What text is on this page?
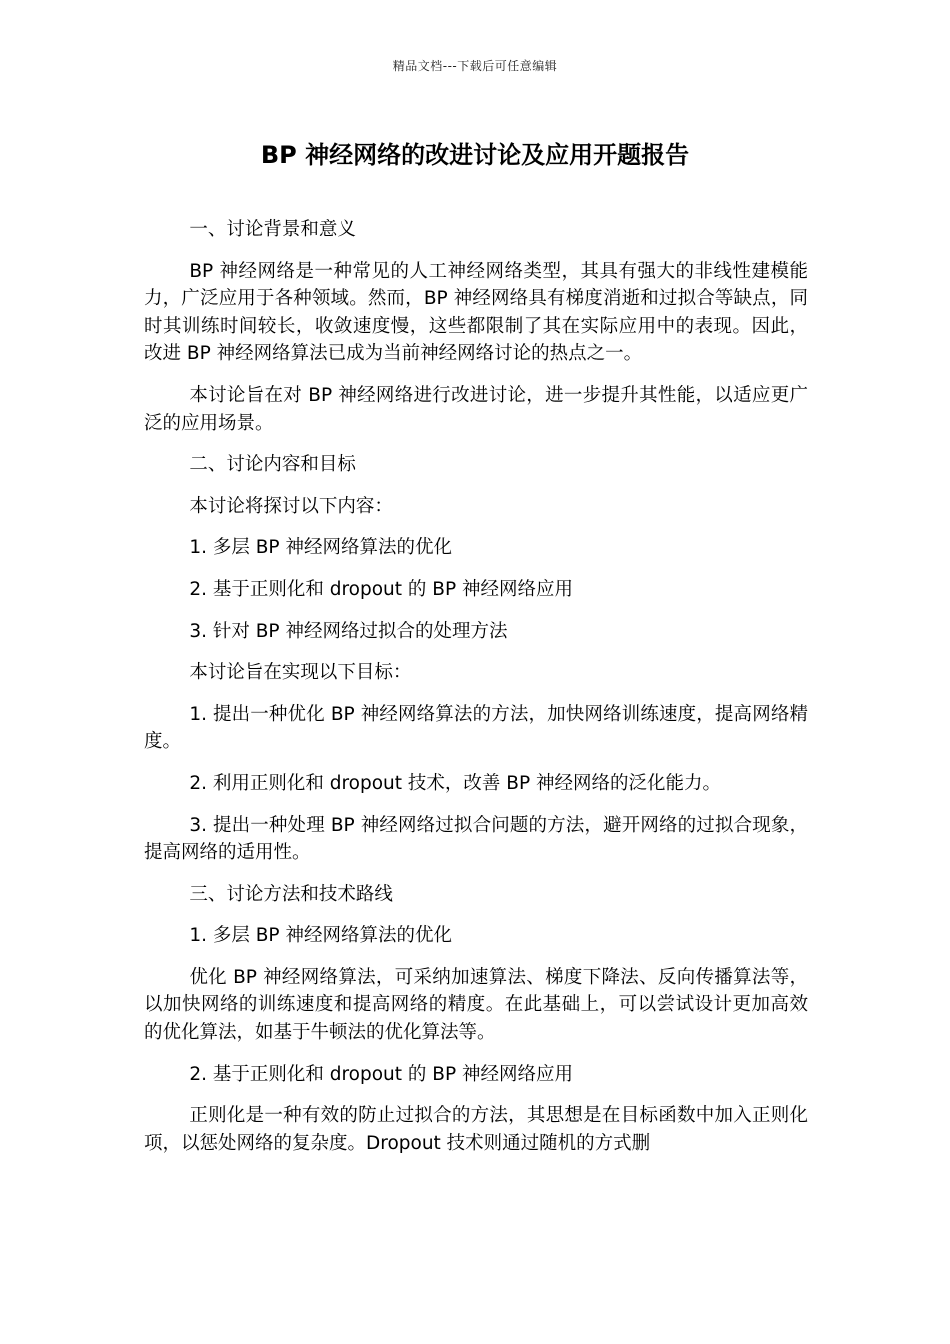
精品文档---下载后可任意编辑
BP 神经网络的改进讨论及应用开题报告

一、讨论背景和意义

BP 神经网络是一种常见的人工神经网络类型，其具有强大的非线性建模能力，广泛应用于各种领域。然而，BP 神经网络具有梯度消逝和过拟合等缺点，同时其训练时间较长，收敛速度慢，这些都限制了其在实际应用中的表现。因此，改进 BP 神经网络算法已成为当前神经网络讨论的热点之一。

本讨论旨在对 BP 神经网络进行改进讨论，进一步提升其性能，以适应更广泛的应用场景。

二、讨论内容和目标

本讨论将探讨以下内容：

1. 多层 BP 神经网络算法的优化

2. 基于正则化和 dropout 的 BP 神经网络应用

3. 针对 BP 神经网络过拟合的处理方法

本讨论旨在实现以下目标：

1. 提出一种优化 BP 神经网络算法的方法，加快网络训练速度，提高网络精度。

2. 利用正则化和 dropout 技术，改善 BP 神经网络的泛化能力。

3. 提出一种处理 BP 神经网络过拟合问题的方法，避开网络的过拟合现象，提高网络的适用性。

三、讨论方法和技术路线

1. 多层 BP 神经网络算法的优化

优化 BP 神经网络算法，可采纳加速算法、梯度下降法、反向传播算法等，以加快网络的训练速度和提高网络的精度。在此基础上，可以尝试设计更加高效的优化算法，如基于牛顿法的优化算法等。

2. 基于正则化和 dropout 的 BP 神经网络应用

正则化是一种有效的防止过拟合的方法，其思想是在目标函数中加入正则化项，以惩处网络的复杂度。Dropout 技术则通过随机的方式删
